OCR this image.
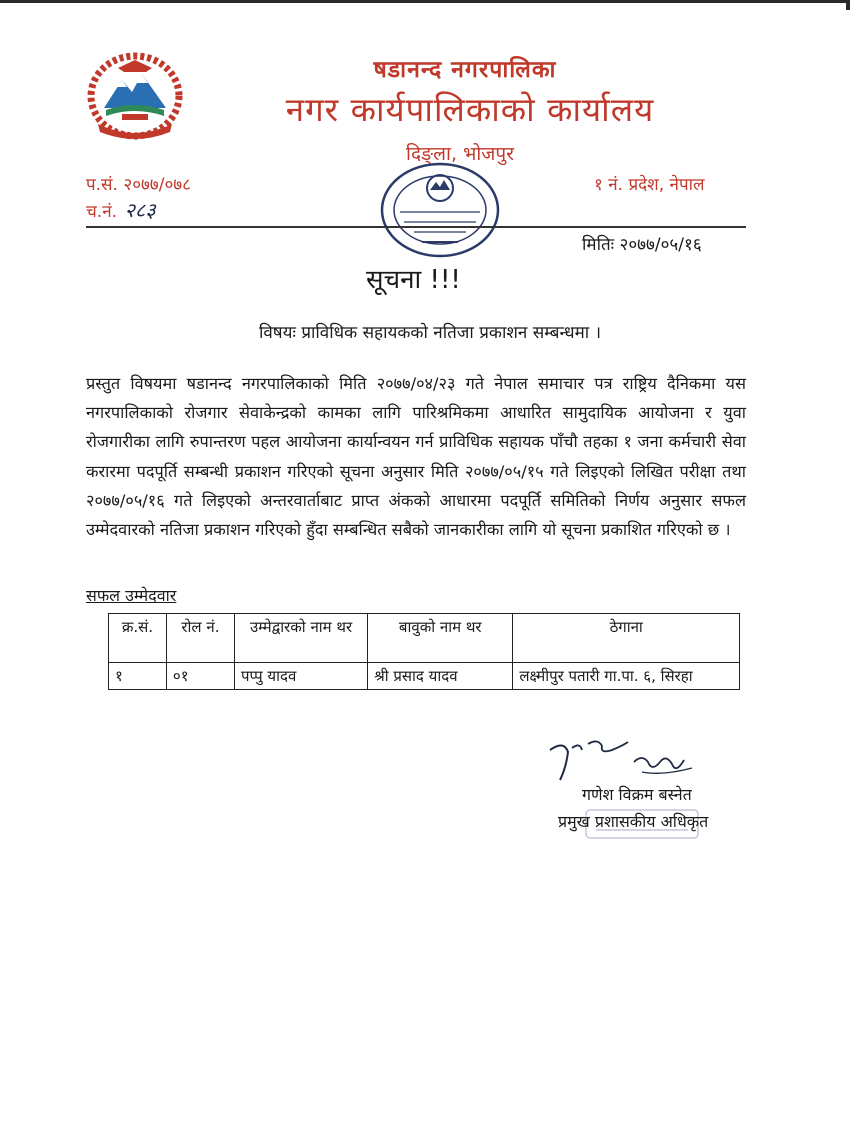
षडानन्द नगरपालिका
नगर कार्यपालिकाको कार्यालय
दिङ्ला, भोजपुर
प.सं. २०७७/०७८
च.नं. २८३
१ नं. प्रदेश, नेपाल
मितिः २०७७/०५/१६
सूचना !!!
विषयः प्राविधिक सहायकको नतिजा प्रकाशन सम्बन्धमा ।

प्रस्तुत विषयमा षडानन्द नगरपालिकाको मिति २०७७/०४/२३ गते नेपाल समाचार पत्र राष्ट्रिय दैनिकमा यस नगरपालिकाको रोजगार सेवाकेन्द्रको कामका लागि पारिश्रमिकमा आधारित सामुदायिक आयोजना र युवा रोजगारीका लागि रुपान्तरण पहल आयोजना कार्यान्वयन गर्न प्राविधिक सहायक पाँचौ तहका १ जना कर्मचारी सेवा करारमा पदपूर्ति सम्बन्धी प्रकाशन गरिएको सूचना अनुसार मिति २०७७/०५/१५ गते लिइएको लिखित परीक्षा तथा २०७७/०५/१६ गते लिइएको अन्तरवार्ताबाट प्राप्त अंकको आधारमा पदपूर्ति समितिको निर्णय अनुसार सफल उम्मेदवारको नतिजा प्रकाशन गरिएको हुँदा सम्बन्धित सबैको जानकारीका लागि यो सूचना प्रकाशित गरिएको छ ।

सफल उम्मेदवार
क्र.सं.	रोल नं.	उम्मेद्वारको नाम थर	बावुको नाम थर	ठेगाना
१	०१	पप्पु यादव	श्री प्रसाद यादव	लक्ष्मीपुर पतारी गा.पा. ६, सिरहा
गणेश विक्रम बस्नेत
प्रमुख प्रशासकीय अधिकृत
